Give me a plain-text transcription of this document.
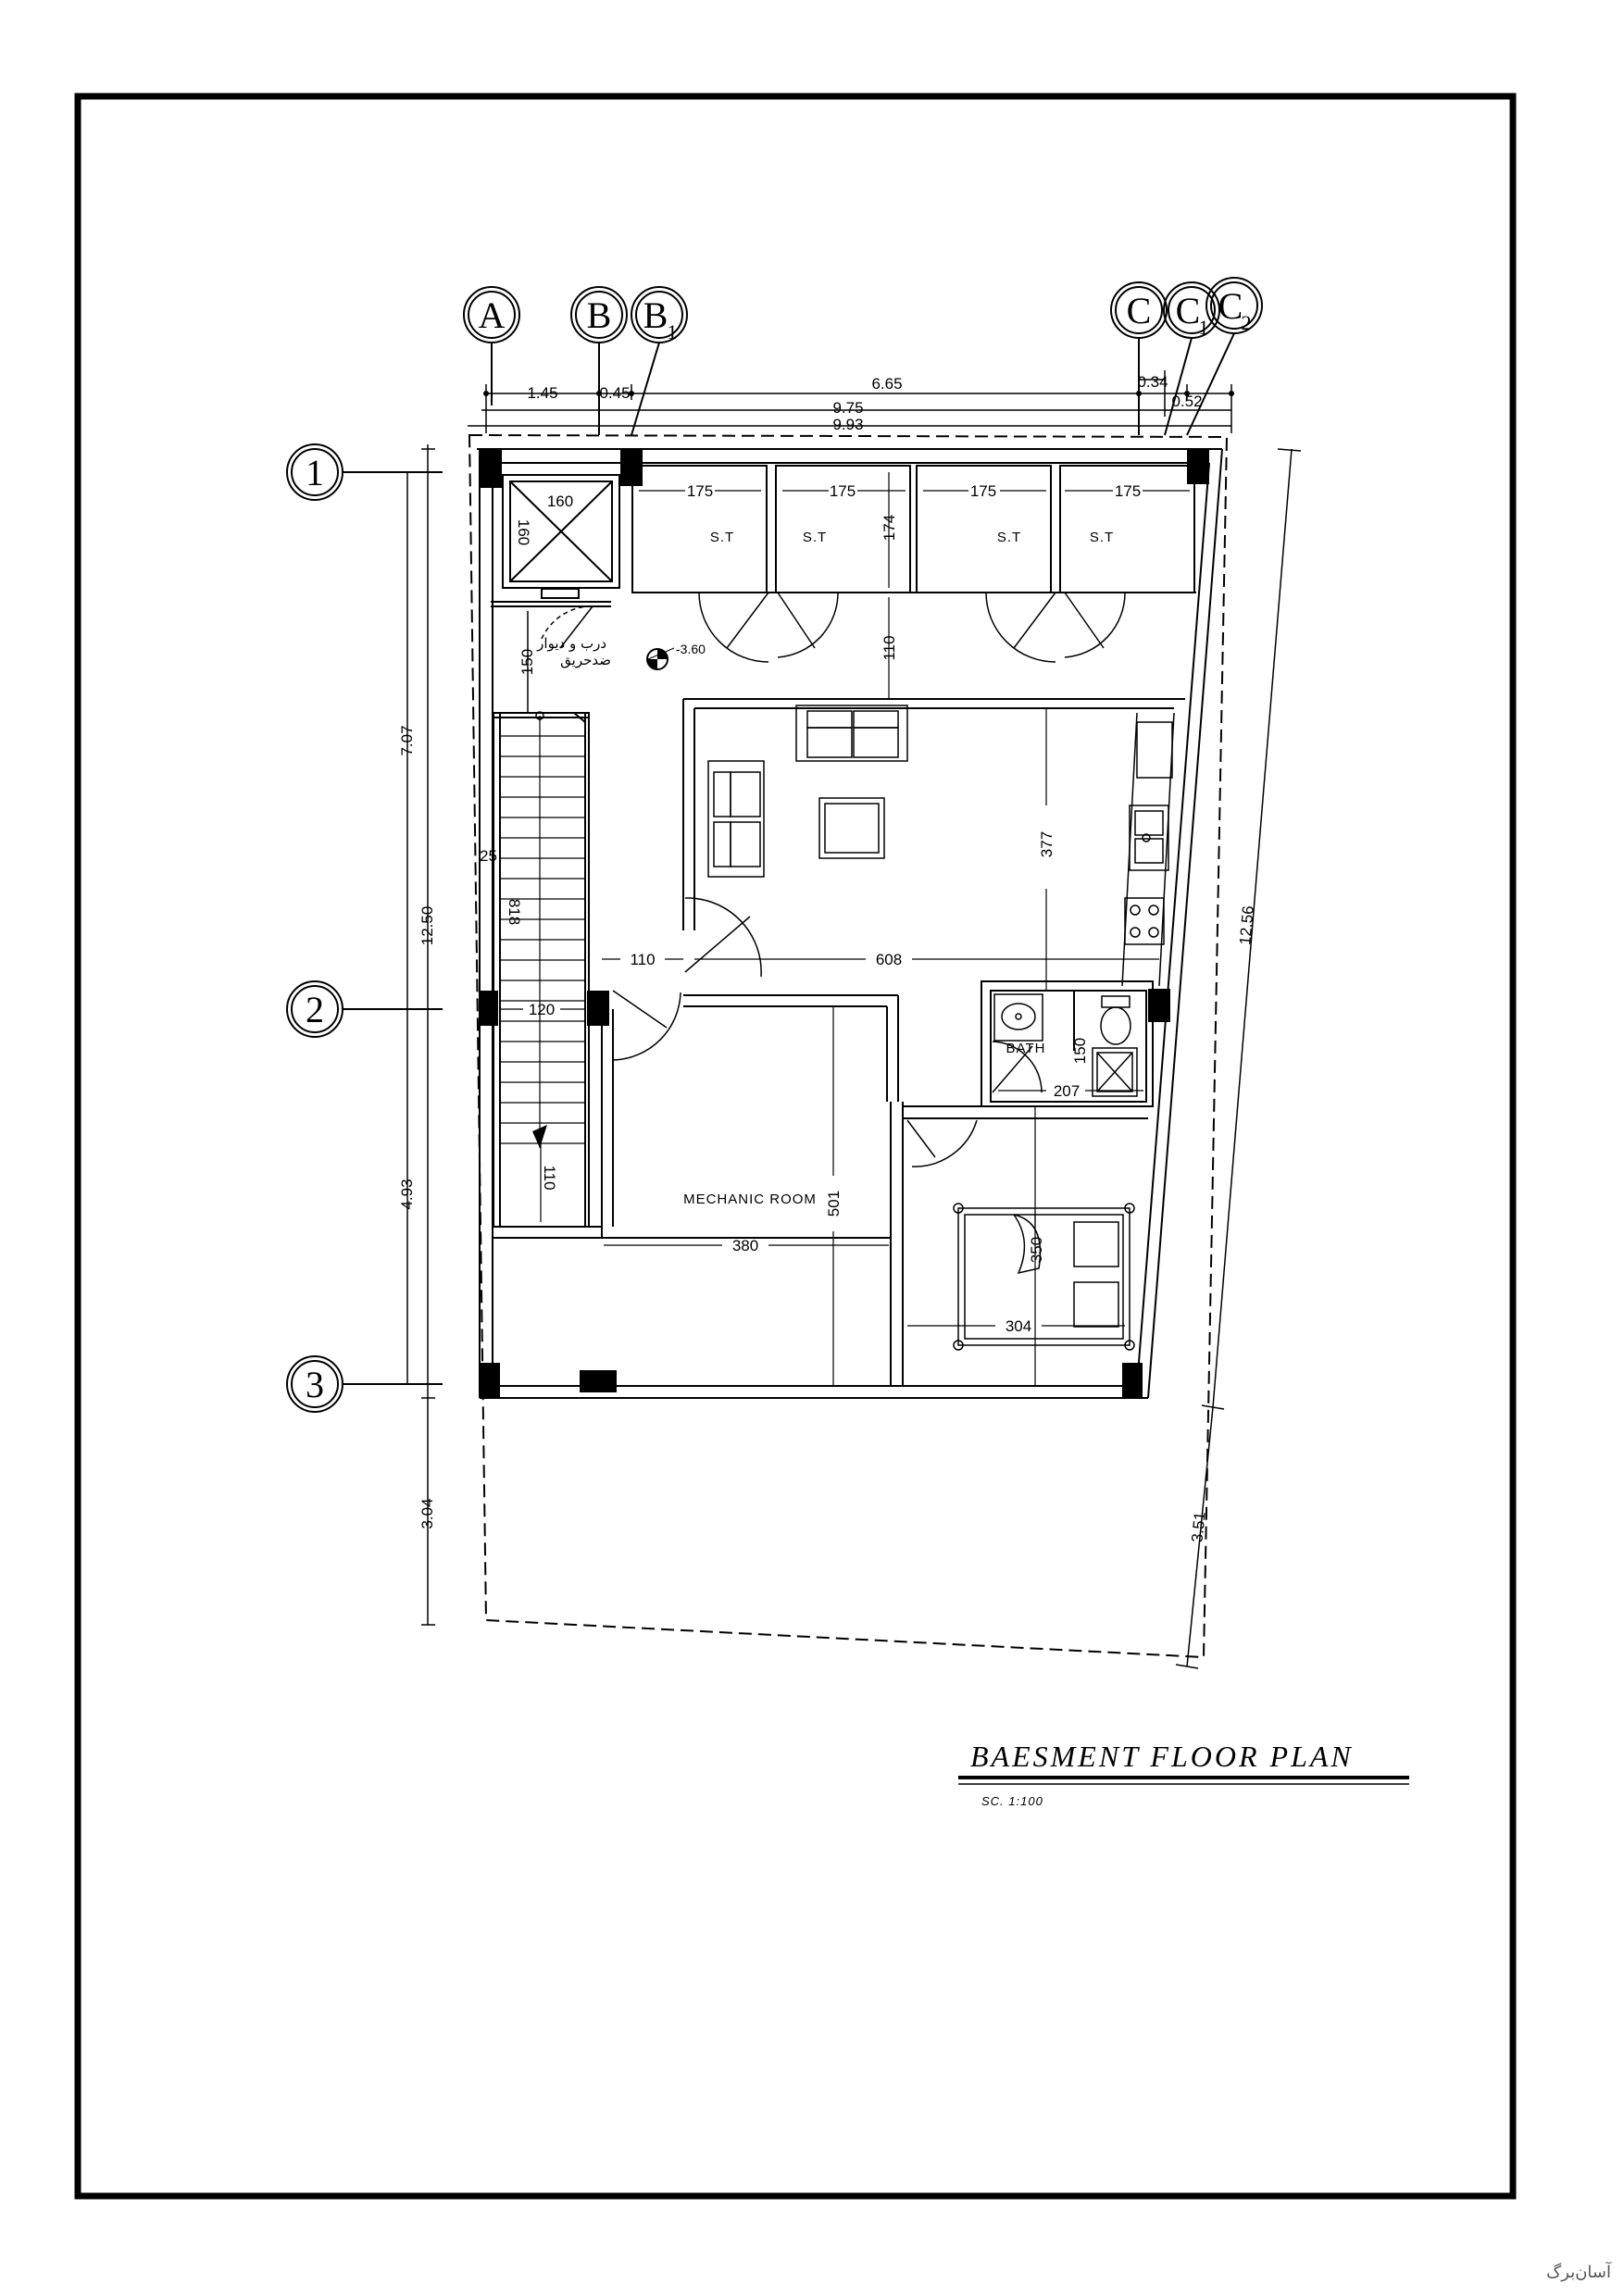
A B B 1
C C
1
C
2
1
2
3
1.45	0.45
6.65	0.34
0.52
9.75
9.93
7.07
4.93
12.50
3.04
12.56
3.51
160
160
150
درب و دیوار
ضدحریق
-3.60
175	175	175	175
S.T	S.T	S.T	S.T
174
110
25
818
120
110
377
110	608
BATH 150
207
MECHANIC ROOM 501
380	350
304
BAESMENT FLOOR PLAN
SC. 1:100
آسان‌برگ
